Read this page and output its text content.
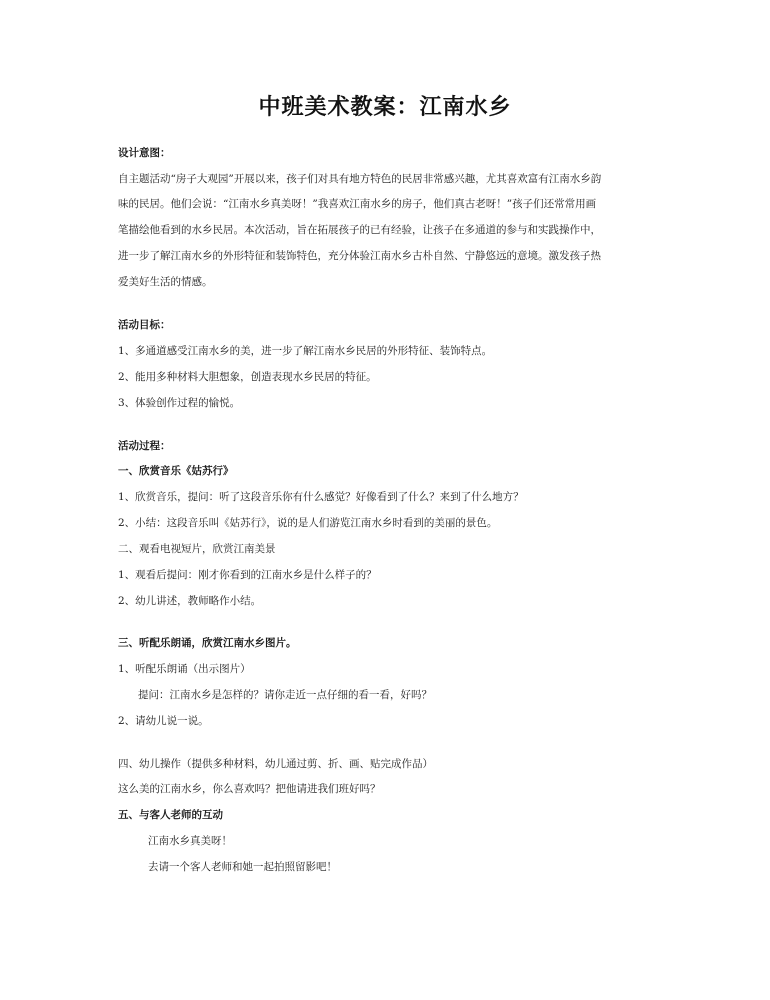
中班美术教案：江南水乡
设计意图：
自主题活动“房子大观园”开展以来，孩子们对具有地方特色的民居非常感兴趣，尤其喜欢富有江南水乡韵
味的民居。他们会说：“江南水乡真美呀！”我喜欢江南水乡的房子，他们真古老呀！”孩子们还常常用画
笔描绘他看到的水乡民居。本次活动，旨在拓展孩子的已有经验，让孩子在多通道的参与和实践操作中，
进一步了解江南水乡的外形特征和装饰特色，充分体验江南水乡古朴自然、宁静悠远的意境。激发孩子热
爱美好生活的情感。
活动目标：
1、多通道感受江南水乡的美，进一步了解江南水乡民居的外形特征、装饰特点。
2、能用多种材料大胆想象，创造表现水乡民居的特征。
3、体验创作过程的愉悦。
活动过程：
一、欣赏音乐《姑苏行》
1、欣赏音乐，提问：听了这段音乐你有什么感觉？好像看到了什么？来到了什么地方？
2、小结：这段音乐叫《姑苏行》，说的是人们游览江南水乡时看到的美丽的景色。
二、观看电视短片，欣赏江南美景
1、观看后提问：刚才你看到的江南水乡是什么样子的？
2、幼儿讲述，教师略作小结。
三、听配乐朗诵，欣赏江南水乡图片。
1、听配乐朗诵（出示图片）
提问：江南水乡是怎样的？请你走近一点仔细的看一看，好吗？
2、请幼儿说一说。
四、幼儿操作（提供多种材料，幼儿通过剪、折、画、贴完成作品）
这么美的江南水乡，你么喜欢吗？把他请进我们班好吗？
五、与客人老师的互动
江南水乡真美呀！
去请一个客人老师和她一起拍照留影吧！
